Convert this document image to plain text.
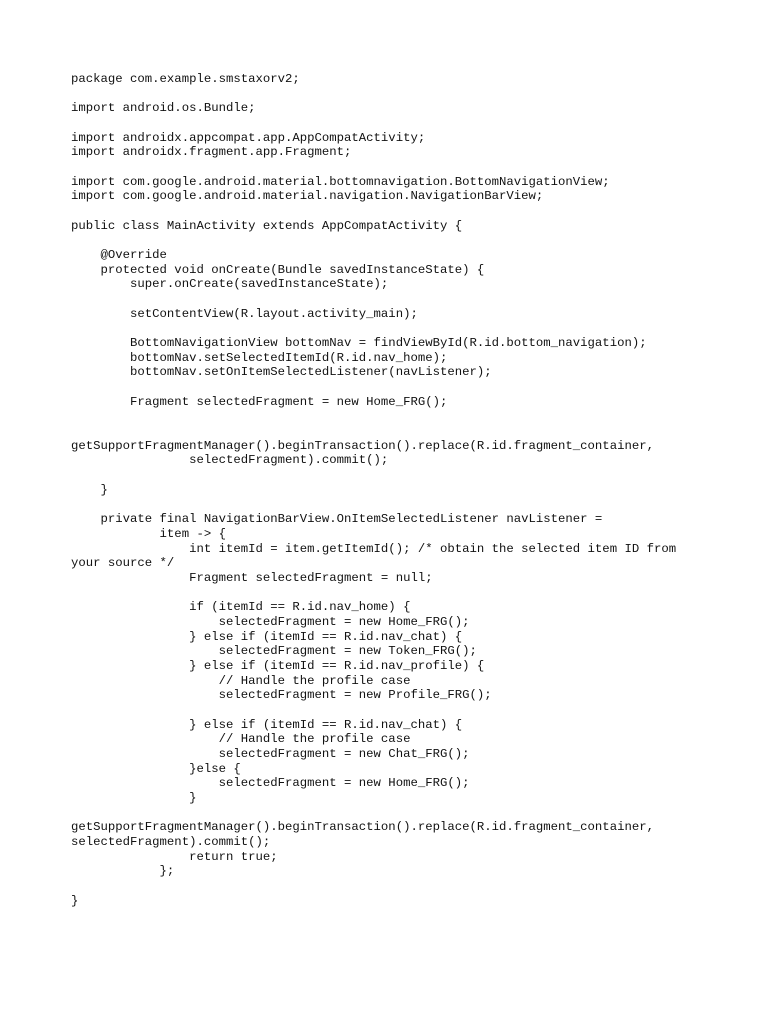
package com.example.smstaxorv2;
import android.os.Bundle;
import androidx.appcompat.app.AppCompatActivity;
import androidx.fragment.app.Fragment;
import com.google.android.material.bottomnavigation.BottomNavigationView;
import com.google.android.material.navigation.NavigationBarView;
public class MainActivity extends AppCompatActivity {
@Override
protected void onCreate(Bundle savedInstanceState) {
super.onCreate(savedInstanceState);
setContentView(R.layout.activity_main);
BottomNavigationView bottomNav = findViewById(R.id.bottom_navigation);
bottomNav.setSelectedItemId(R.id.nav_home);
bottomNav.setOnItemSelectedListener(navListener);
Fragment selectedFragment = new Home_FRG();
getSupportFragmentManager().beginTransaction().replace(R.id.fragment_container,
selectedFragment).commit();
}
private final NavigationBarView.OnItemSelectedListener navListener =
item -> {
int itemId = item.getItemId(); /* obtain the selected item ID from
your source */
Fragment selectedFragment = null;
if (itemId == R.id.nav_home) {
selectedFragment = new Home_FRG();
} else if (itemId == R.id.nav_chat) {
selectedFragment = new Token_FRG();
} else if (itemId == R.id.nav_profile) {
// Handle the profile case
selectedFragment = new Profile_FRG();
} else if (itemId == R.id.nav_chat) {
// Handle the profile case
selectedFragment = new Chat_FRG();
}else {
selectedFragment = new Home_FRG();
}
getSupportFragmentManager().beginTransaction().replace(R.id.fragment_container,
selectedFragment).commit();
return true;
};
}
